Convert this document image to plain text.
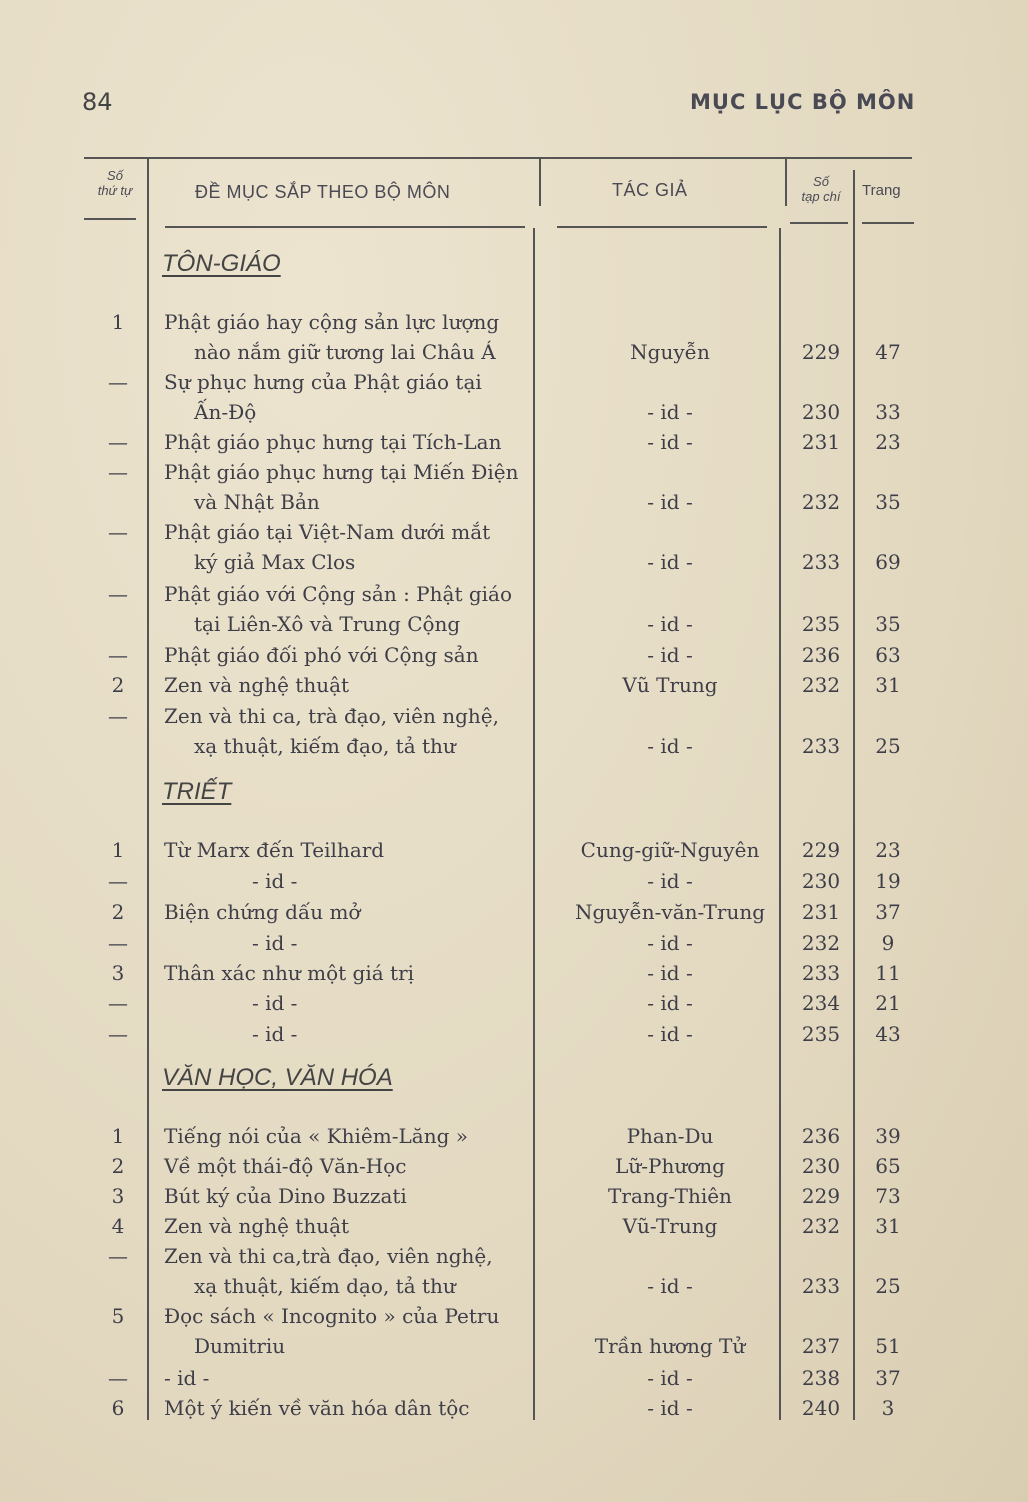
84	MỤC LỤC BỘ MÔN
Số
thứ tự	ĐỀ MỤC SẮP THEO BỘ MÔN	TÁC GIẢ	Số
tạp chí	Trang
TÔN-GIÁO
1	Phật giáo hay cộng sản lực lượng
nào nắm giữ tương lai Châu Á	Nguyễn	229	47
—	Sự phục hưng của Phật giáo tại
Ấn-Độ	- id -	230	33
—	Phật giáo phục hưng tại Tích-Lan	- id -	231	23
—	Phật giáo phục hưng tại Miến Điện
và Nhật Bản	- id -	232	35
—	Phật giáo tại Việt-Nam dưới mắt
ký giả Max Clos	- id -	233	69
—	Phật giáo với Cộng sản : Phật giáo
tại Liên-Xô và Trung Cộng	- id -	235	35
—	Phật giáo đối phó với Cộng sản	- id -	236	63
2	Zen và nghệ thuật	Vũ Trung	232	31
—	Zen và thi ca, trà đạo, viên nghệ,
xạ thuật, kiếm đạo, tả thư	- id -	233	25
TRIẾT
1	Từ Marx đến Teilhard	Cung-giữ-Nguyên	229	23
—	- id -	- id -	230	19
2	Biện chứng dấu mở	Nguyễn-văn-Trung	231	37
—	- id -	- id -	232	9
3	Thân xác như một giá trị	- id -	233	11
—	- id -	- id -	234	21
—	- id -	- id -	235	43
VĂN HỌC, VĂN HÓA
1	Tiếng nói của « Khiêm-Lăng »	Phan-Du	236	39
2	Về một thái-độ Văn-Học	Lữ-Phương	230	65
3	Bút ký của Dino Buzzati	Trang-Thiên	229	73
4	Zen và nghệ thuật	Vũ-Trung	232	31
—	Zen và thi ca,trà đạo, viên nghệ,
xạ thuật, kiếm dạo, tả thư	- id -	233	25
5	Đọc sách « Incognito » của Petru
Dumitriu	Trần hương Tử	237	51
—	- id -	- id -	238	37
6	Một ý kiến về văn hóa dân tộc	- id -	240	3
